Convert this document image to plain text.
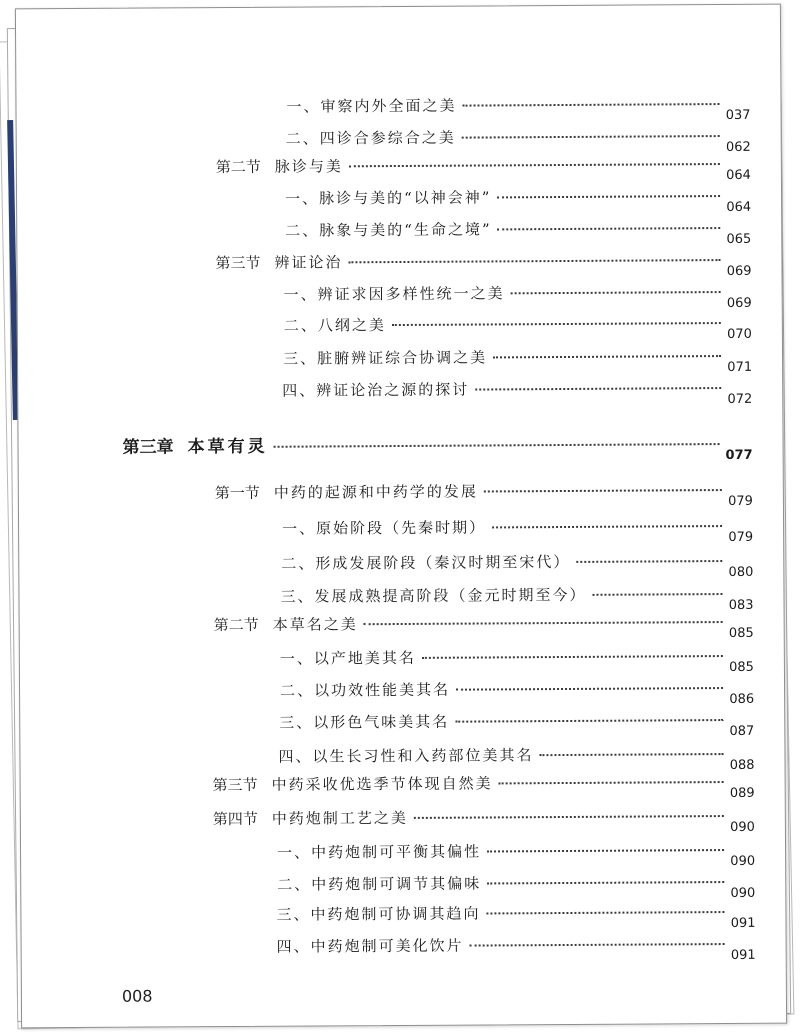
一、审察内外全面之美	037
二、四诊合参综合之美	062
第二节 脉诊与美	064
一、脉诊与美的“以神会神”	064
二、脉象与美的“生命之境”	065
第三节 辨证论治	069
一、辨证求因多样性统一之美	069
二、八纲之美	070
三、脏腑辨证综合协调之美	071
四、辨证论治之源的探讨	072
第三章 本草有灵	077
第一节 中药的起源和中药学的发展	079
一、原始阶段（先秦时期）	079
二、形成发展阶段（秦汉时期至宋代）	080
三、发展成熟提高阶段（金元时期至今）	083
第二节 本草名之美	085
一、以产地美其名	085
二、以功效性能美其名	086
三、以形色气味美其名	087
四、以生长习性和入药部位美其名	088
第三节 中药采收优选季节体现自然美	089
第四节 中药炮制工艺之美	090
一、中药炮制可平衡其偏性	090
二、中药炮制可调节其偏味	090
三、中药炮制可协调其趋向	091
四、中药炮制可美化饮片	091
008
